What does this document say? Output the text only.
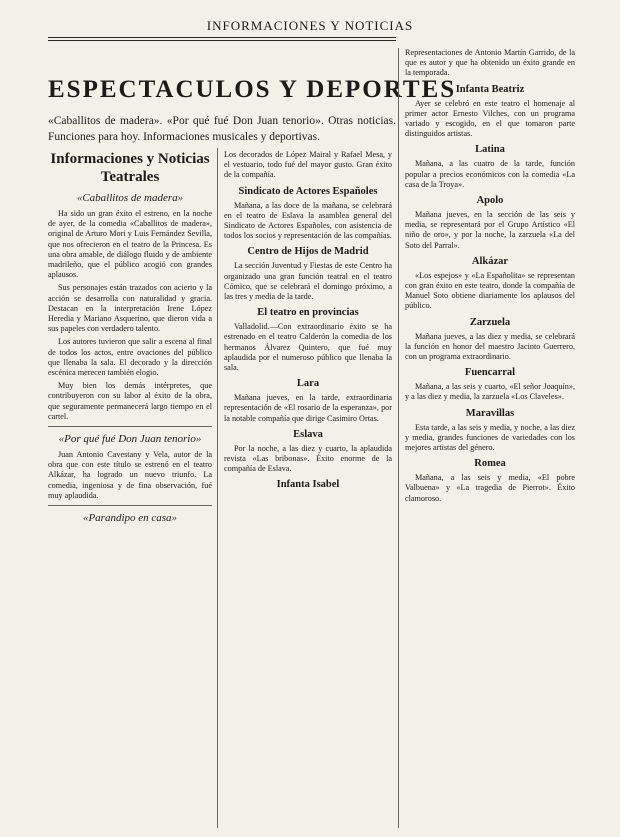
INFORMACIONES Y NOTICIAS
ESPECTACULOS Y DEPORTES
«Caballitos de madera». «Por qué fué Don Juan tenorio». Otras noticias. Funciones para hoy. Informaciones musicales y deportivas.
Informaciones y Noticias Teatrales
«Caballitos de madera»

Ha sido un gran éxito el estreno, en la noche de ayer, de la comedia «Caballitos de madera», original de Arturo Mori y Luis Fernández Sevilla, que nos ofrecieron en el teatro de la Princesa. Es una obra amable, de diálogo fluido y de ambiente madrileño, que el público acogió con grandes aplausos.

Sus personajes están trazados con acierto y la acción se desarrolla con naturalidad y gracia. Destacan en la interpretación Irene López Heredia y Mariano Asquerino, que dieron vida a sus papeles con verdadero talento.

Los autores tuvieron que salir a escena al final de todos los actos, entre ovaciones del público que llenaba la sala. El decorado y la dirección escénica merecen también elogio.

Muy bien los demás intérpretes, que contribuyeron con su labor al éxito de la obra, que seguramente permanecerá largo tiempo en el cartel.

«Por qué fué Don Juan tenorio»

Juan Antonio Cavestany y Vela, autor de la obra que con este título se estrenó en el teatro Alkázar, ha logrado un nuevo triunfo. La comedia, ingeniosa y de fina observación, fué muy aplaudida.

«Parandipo en casa»

Los decorados de López Mairal y Rafael Mesa, y el vestuario, todo fué del mayor gusto. Gran éxito de la compañía.

Sindicato de Actores Españoles

Mañana, a las doce de la mañana, se celebrará en el teatro de Eslava la asamblea general del Sindicato de Actores Españoles, con asistencia de todos los socios y representación de las compañías.

Centro de Hijos de Madrid

La sección Juventud y Fiestas de este Centro ha organizado una gran función teatral en el teatro Cómico, que se celebrará el domingo próximo, a las tres y media de la tarde.

El teatro en provincias

Valladolid.—Con extraordinario éxito se ha estrenado en el teatro Calderón la comedia de los hermanos Álvarez Quintero, que fué muy aplaudida por el numeroso público que llenaba la sala.

Lara

Mañana jueves, en la tarde, extraordinaria representación de «El rosario de la esperanza», por la notable compañía que dirige Casimiro Ortas.

Eslava

Por la noche, a las diez y cuarto, la aplaudida revista «Las bribonas». Éxito enorme de la compañía de Eslava.

Infanta Isabel

Representaciones de Antonio Martín Garrido, de la que es autor y que ha obtenido un éxito grande en la temporada.

Infanta Beatriz

Ayer se celebró en este teatro el homenaje al primer actor Ernesto Vilches, con un programa variado y escogido, en el que tomaron parte distinguidos artistas.

Latina

Mañana, a las cuatro de la tarde, función popular a precios económicos con la comedia «La casa de la Troya».

Apolo

Mañana jueves, en la sección de las seis y media, se representará por el Grupo Artístico «El niño de oro», y por la noche, la zarzuela «La del Soto del Parral».

Alkázar

«Los espejos» y «La Españolita» se representan con gran éxito en este teatro, donde la compañía de Manuel Soto obtiene diariamente los aplausos del público.

Zarzuela

Mañana jueves, a las diez y media, se celebrará la función en honor del maestro Jacinto Guerrero, con un programa extraordinario.

Fuencarral

Mañana, a las seis y cuarto, «El señor Joaquín», y a las diez y media, la zarzuela «Los Claveles».

Maravillas

Esta tarde, a las seis y media, y noche, a las diez y media, grandes funciones de variedades con los mejores artistas del género.

Romea

Mañana, a las seis y media, «El pobre Valbuena» y «La tragedia de Pierrot». Éxito clamoroso.
